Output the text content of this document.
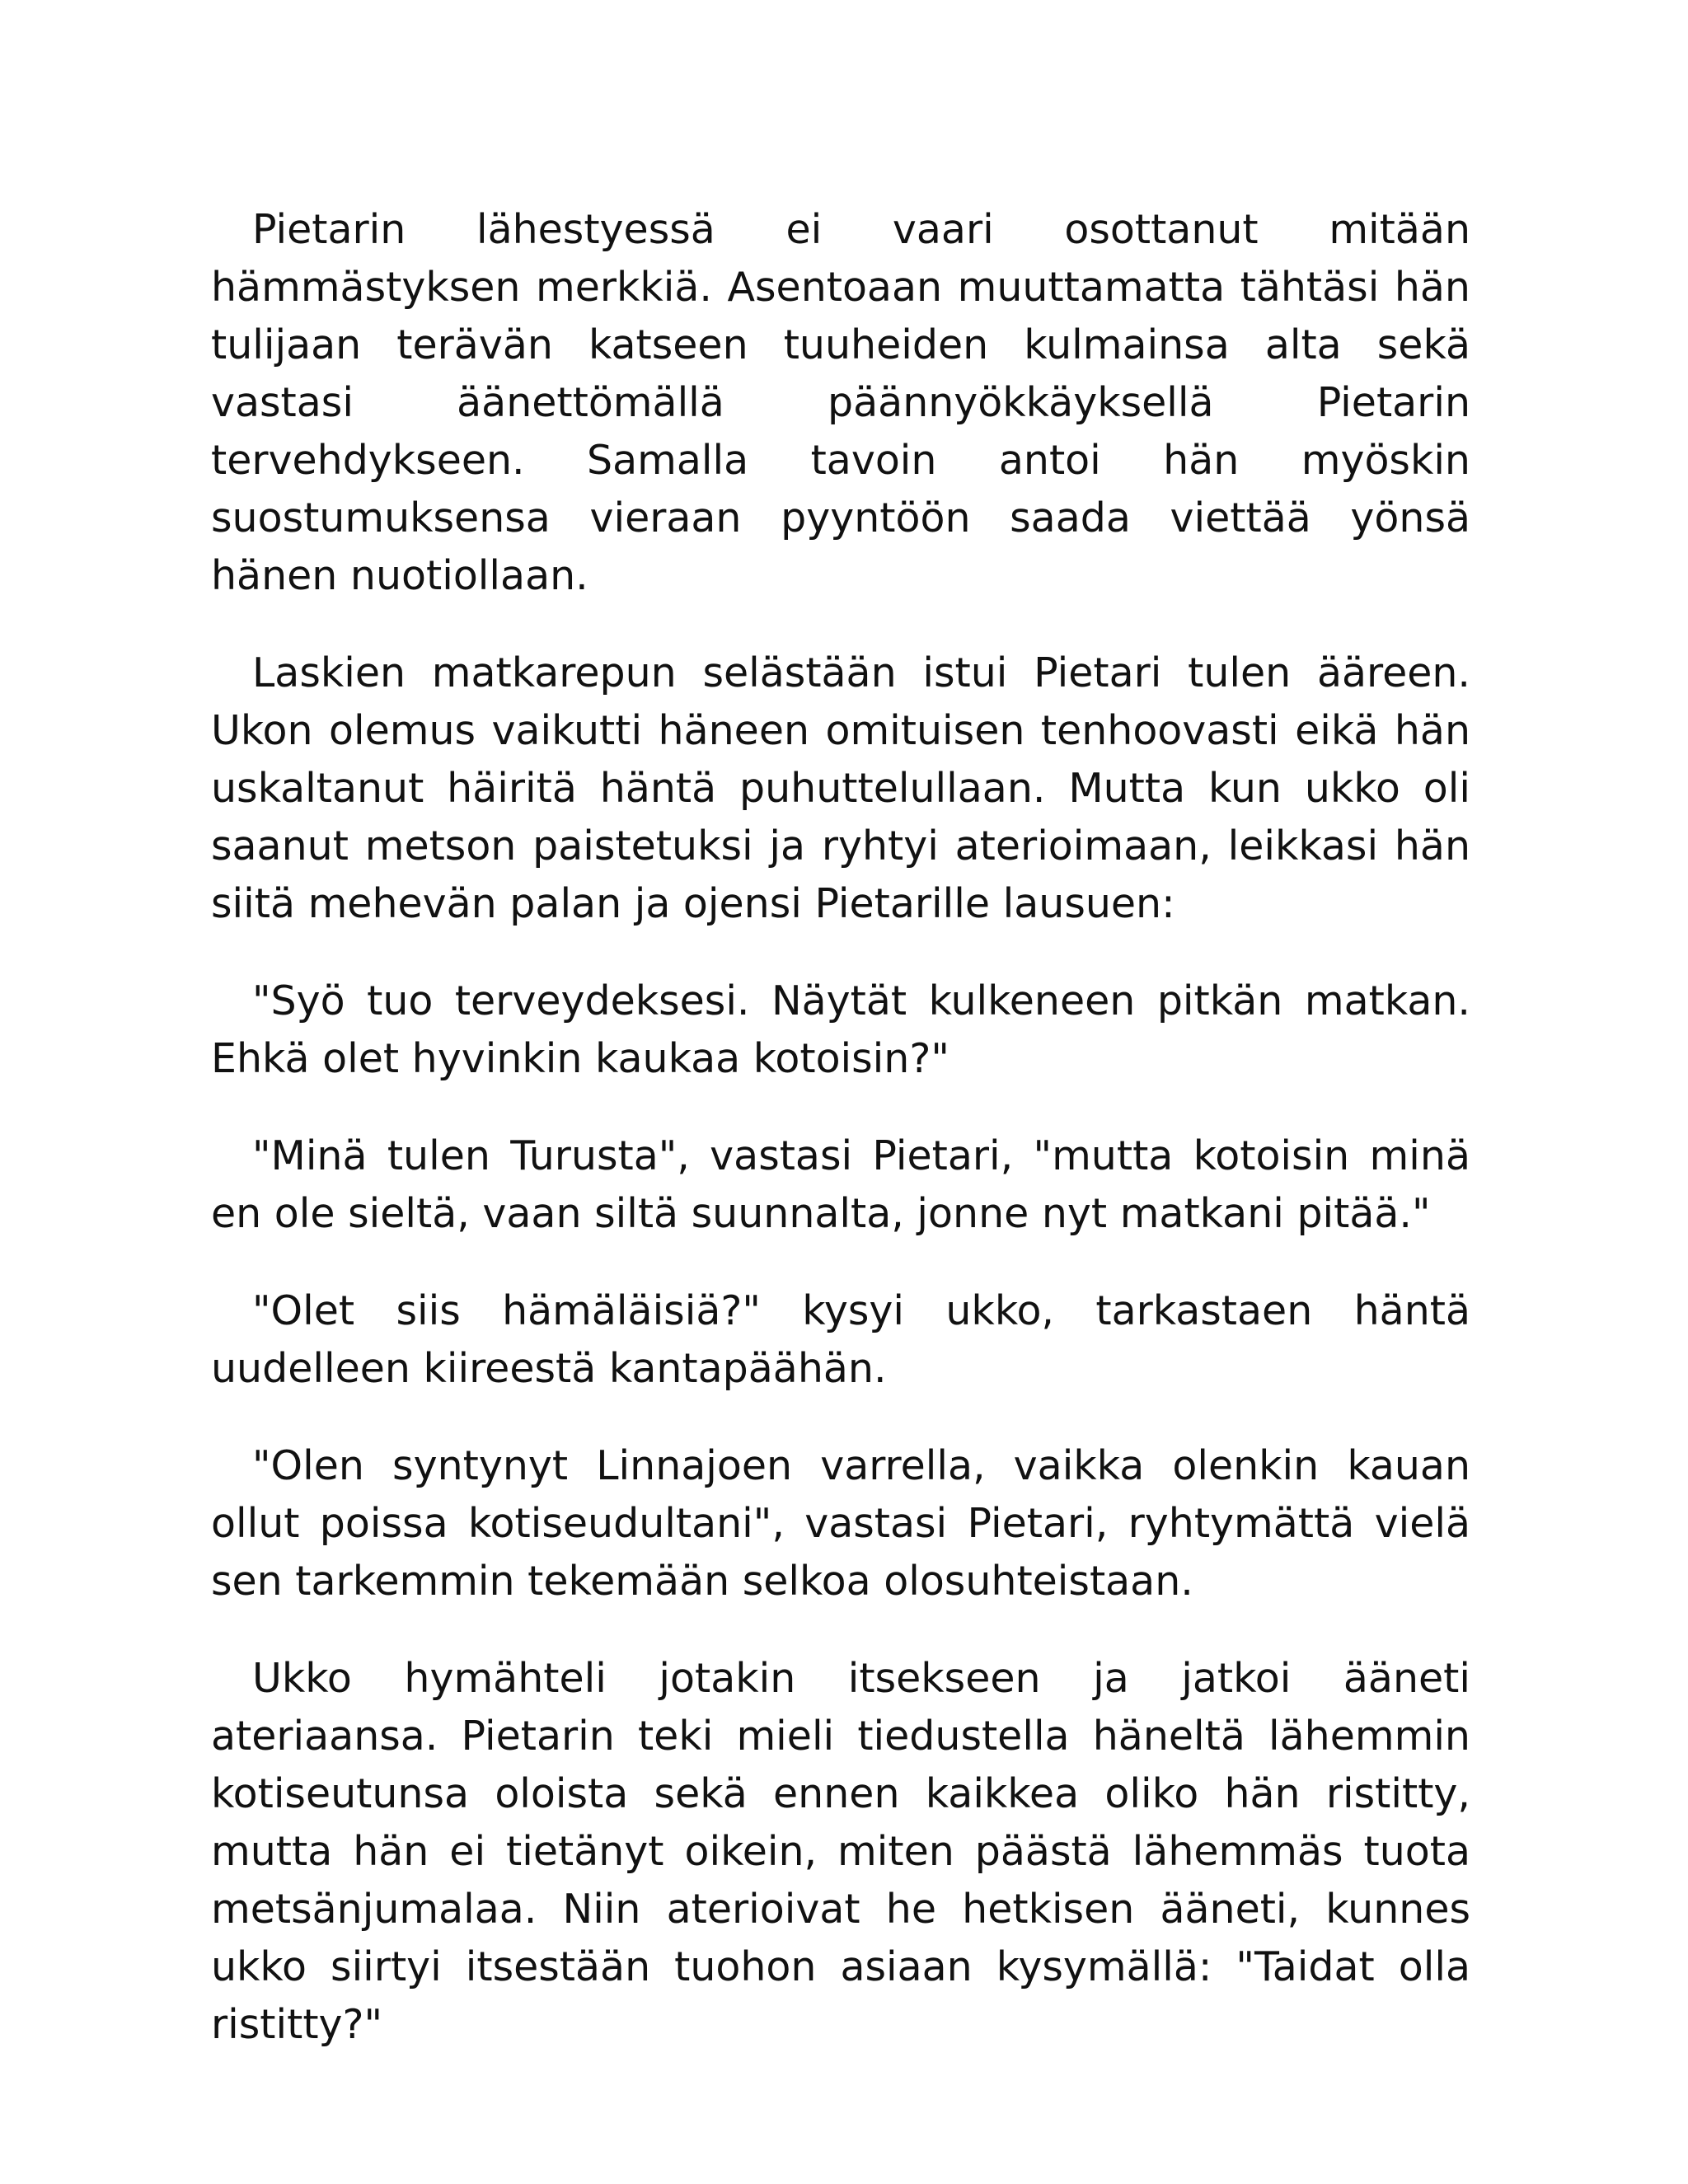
Pietarin lähestyessä ei vaari osottanut mitään hämmästyksen merkkiä. Asentoaan muuttamatta tähtäsi hän tulijaan terävän katseen tuuheiden kulmainsa alta sekä vastasi äänettömällä päännyökkäyksellä Pietarin tervehdykseen. Samalla tavoin antoi hän myöskin suostumuksensa vieraan pyyntöön saada viettää yönsä hänen nuotiollaan.

Laskien matkarepun selästään istui Pietari tulen ääreen. Ukon olemus vaikutti häneen omituisen tenhoovasti eikä hän uskaltanut häiritä häntä puhuttelullaan. Mutta kun ukko oli saanut metson paistetuksi ja ryhtyi aterioimaan, leikkasi hän siitä mehevän palan ja ojensi Pietarille lausuen:

"Syö tuo terveydeksesi. Näytät kulkeneen pitkän matkan. Ehkä olet hyvinkin kaukaa kotoisin?"

"Minä tulen Turusta", vastasi Pietari, "mutta kotoisin minä en ole sieltä, vaan siltä suunnalta, jonne nyt matkani pitää."

"Olet siis hämäläisiä?" kysyi ukko, tarkastaen häntä uudelleen kiireestä kantapäähän.

"Olen syntynyt Linnajoen varrella, vaikka olenkin kauan ollut poissa kotiseudultani", vastasi Pietari, ryhtymättä vielä sen tarkemmin tekemään selkoa olosuhteistaan.

Ukko hymähteli jotakin itsekseen ja jatkoi ääneti ateriaansa. Pietarin teki mieli tiedustella häneltä lähemmin kotiseutunsa oloista sekä ennen kaikkea oliko hän ristitty, mutta hän ei tietänyt oikein, miten päästä lähemmäs tuota metsänjumalaa. Niin aterioivat he hetkisen ääneti, kunnes ukko siirtyi itsestään tuohon asiaan kysymällä: "Taidat olla ristitty?"
